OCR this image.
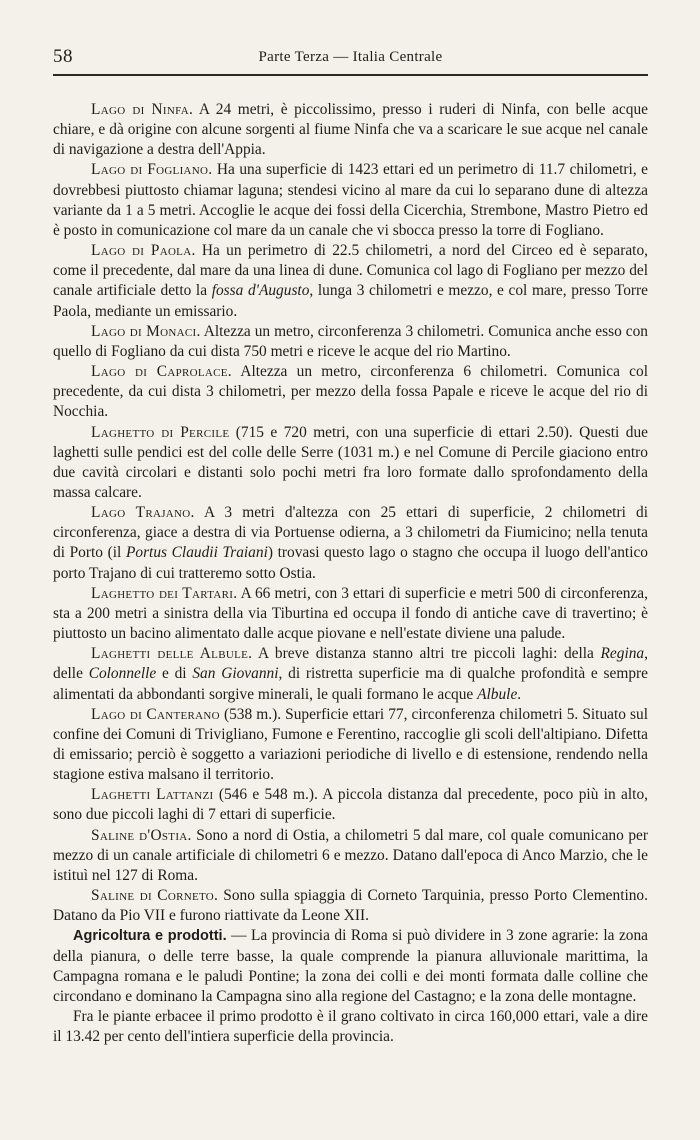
58	Parte Terza — Italia Centrale

Lago di Ninfa. A 24 metri, è piccolissimo, presso i ruderi di Ninfa, con belle acque chiare, e dà origine con alcune sorgenti al fiume Ninfa che va a scaricare le sue acque nel canale di navigazione a destra dell'Appia.

Lago di Fogliano. Ha una superficie di 1423 ettari ed un perimetro di 11.7 chilometri, e dovrebbesi piuttosto chiamar laguna; stendesi vicino al mare da cui lo separano dune di altezza variante da 1 a 5 metri. Accoglie le acque dei fossi della Cicerchia, Strembone, Mastro Pietro ed è posto in comunicazione col mare da un canale che vi sbocca presso la torre di Fogliano.

Lago di Paola. Ha un perimetro di 22.5 chilometri, a nord del Circeo ed è separato, come il precedente, dal mare da una linea di dune. Comunica col lago di Fogliano per mezzo del canale artificiale detto la fossa d'Augusto, lunga 3 chilometri e mezzo, e col mare, presso Torre Paola, mediante un emissario.

Lago di Monaci. Altezza un metro, circonferenza 3 chilometri. Comunica anche esso con quello di Fogliano da cui dista 750 metri e riceve le acque del rio Martino.

Lago di Caprolace. Altezza un metro, circonferenza 6 chilometri. Comunica col precedente, da cui dista 3 chilometri, per mezzo della fossa Papale e riceve le acque del rio di Nocchia.

Laghetto di Percile (715 e 720 metri, con una superficie di ettari 2.50). Questi due laghetti sulle pendici est del colle delle Serre (1031 m.) e nel Comune di Percile giaciono entro due cavità circolari e distanti solo pochi metri fra loro formate dallo sprofondamento della massa calcare.

Lago Trajano. A 3 metri d'altezza con 25 ettari di superficie, 2 chilometri di circonferenza, giace a destra di via Portuense odierna, a 3 chilometri da Fiumicino; nella tenuta di Porto (il Portus Claudii Traiani) trovasi questo lago o stagno che occupa il luogo dell'antico porto Trajano di cui tratteremo sotto Ostia.

Laghetto dei Tartari. A 66 metri, con 3 ettari di superficie e metri 500 di circonferenza, sta a 200 metri a sinistra della via Tiburtina ed occupa il fondo di antiche cave di travertino; è piuttosto un bacino alimentato dalle acque piovane e nell'estate diviene una palude.

Laghetti delle Albule. A breve distanza stanno altri tre piccoli laghi: della Regina, delle Colonnelle e di San Giovanni, di ristretta superficie ma di qualche profondità e sempre alimentati da abbondanti sorgive minerali, le quali formano le acque Albule.

Lago di Canterano (538 m.). Superficie ettari 77, circonferenza chilometri 5. Situato sul confine dei Comuni di Trivigliano, Fumone e Ferentino, raccoglie gli scoli dell'altipiano. Difetta di emissario; perciò è soggetto a variazioni periodiche di livello e di estensione, rendendo nella stagione estiva malsano il territorio.

Laghetti Lattanzi (546 e 548 m.). A piccola distanza dal precedente, poco più in alto, sono due piccoli laghi di 7 ettari di superficie.

Saline d'Ostia. Sono a nord di Ostia, a chilometri 5 dal mare, col quale comunicano per mezzo di un canale artificiale di chilometri 6 e mezzo. Datano dall'epoca di Anco Marzio, che le istituì nel 127 di Roma.

Saline di Corneto. Sono sulla spiaggia di Corneto Tarquinia, presso Porto Clementino. Datano da Pio VII e furono riattivate da Leone XII.

Agricoltura e prodotti. — La provincia di Roma si può dividere in 3 zone agrarie: la zona della pianura, o delle terre basse, la quale comprende la pianura alluvionale marittima, la Campagna romana e le paludi Pontine; la zona dei colli e dei monti formata dalle colline che circondano e dominano la Campagna sino alla regione del Castagno; e la zona delle montagne.

Fra le piante erbacee il primo prodotto è il grano coltivato in circa 160,000 ettari, vale a dire il 13.42 per cento dell'intiera superficie della provincia.
